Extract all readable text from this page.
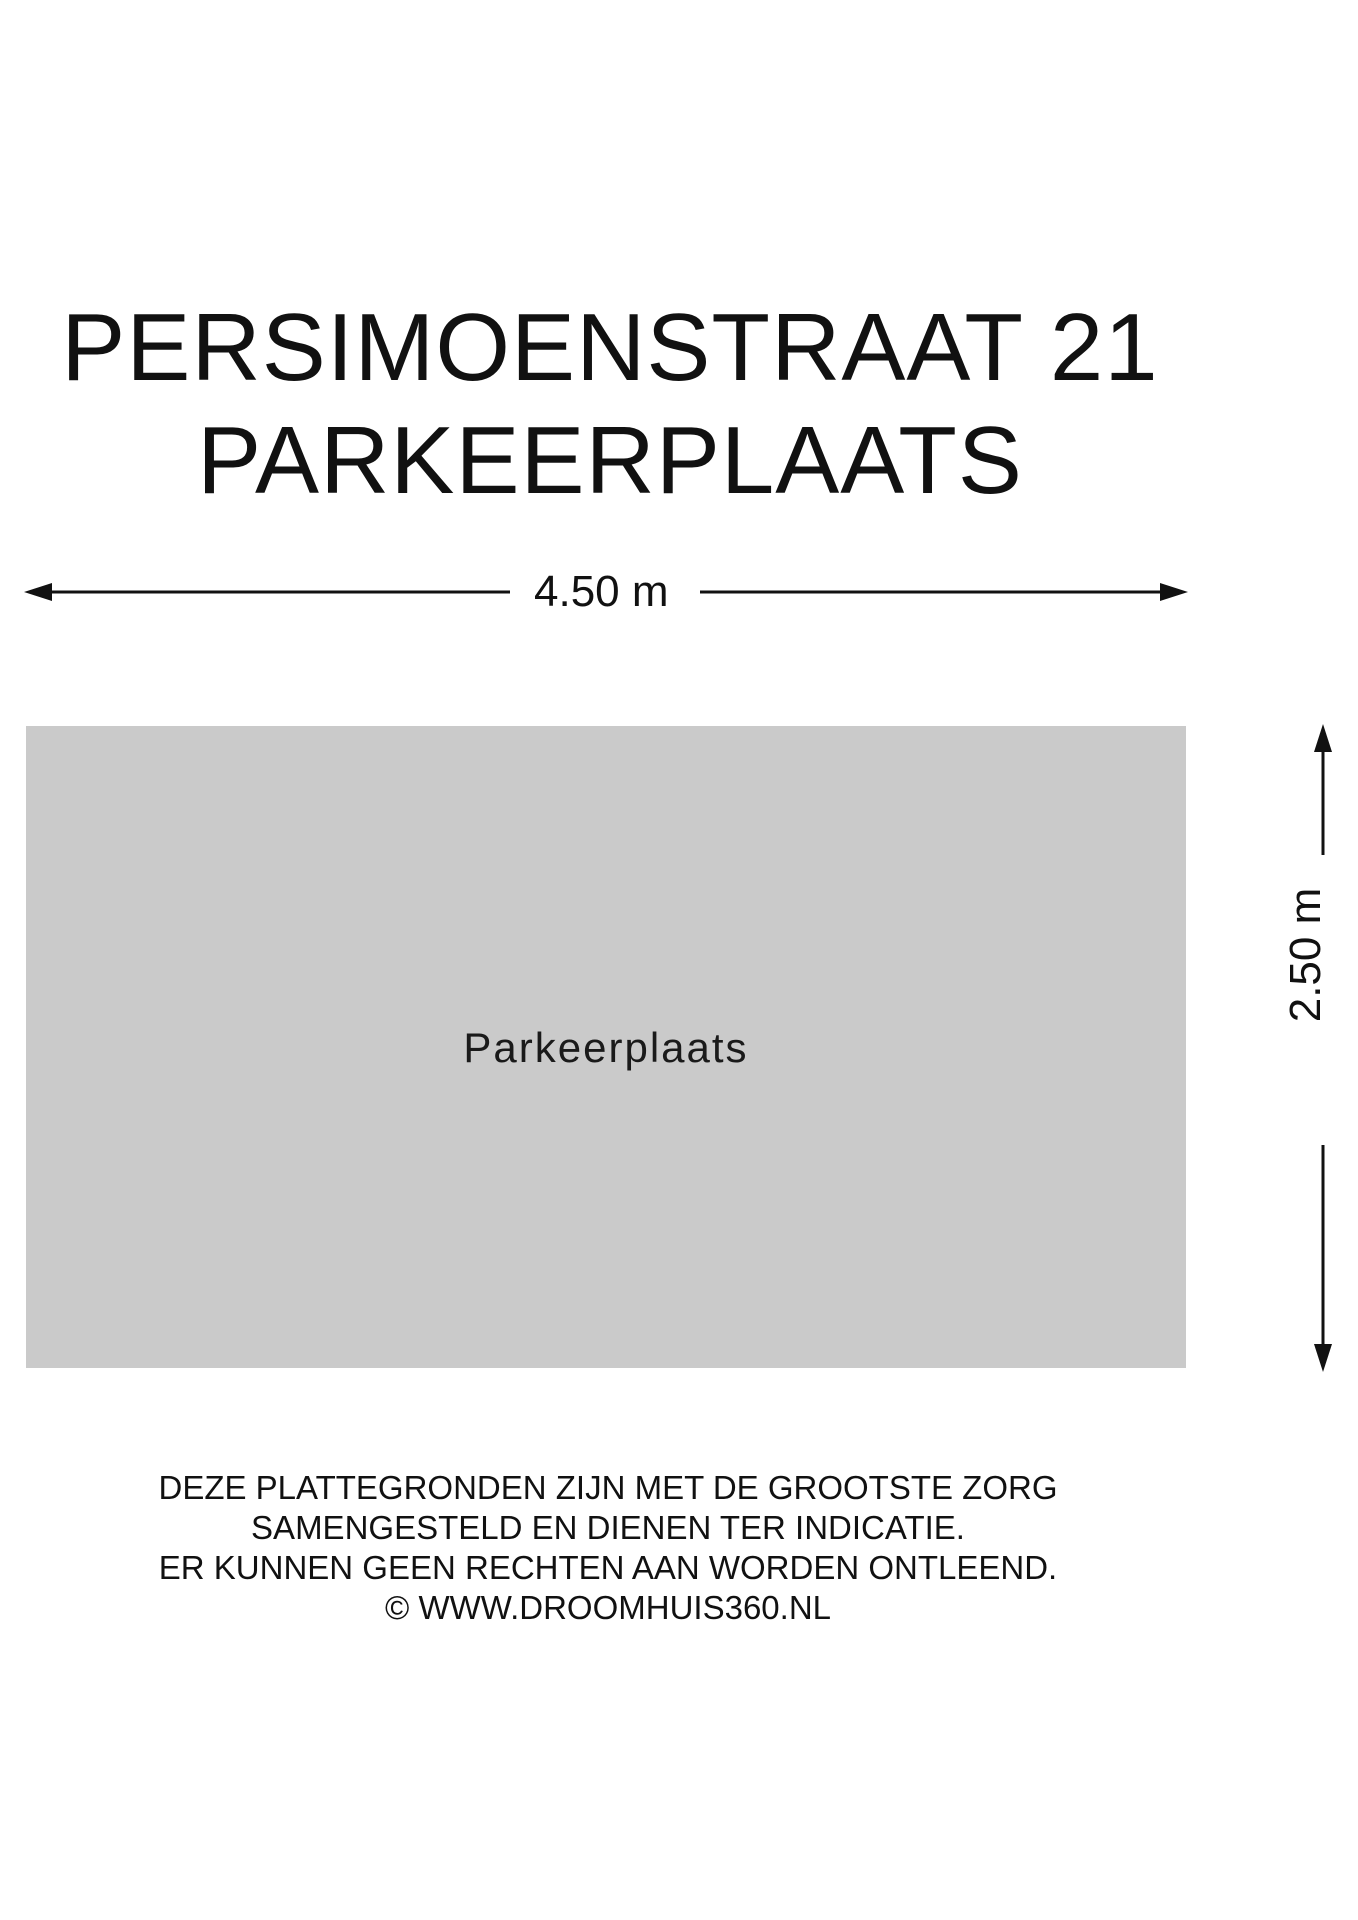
PERSIMOENSTRAAT 21
PARKEERPLAATS
4.50 m
2.50 m
Parkeerplaats
DEZE PLATTEGRONDEN ZIJN MET DE GROOTSTE ZORG
SAMENGESTELD EN DIENEN TER INDICATIE.
ER KUNNEN GEEN RECHTEN AAN WORDEN ONTLEEND.
© WWW.DROOMHUIS360.NL
